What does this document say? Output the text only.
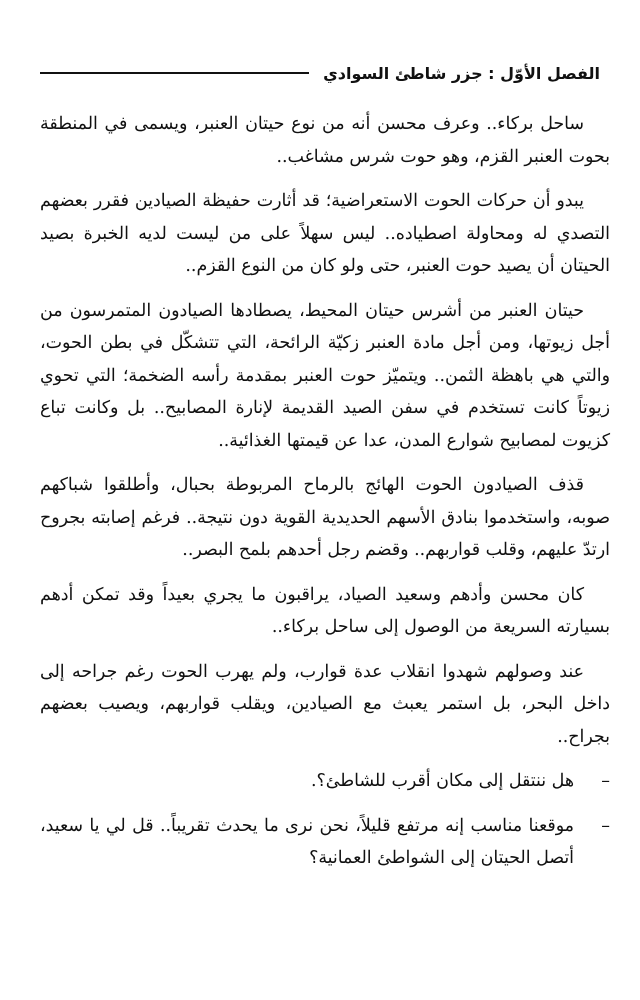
الفصل الأوّل : جزر شاطئ السوادي

ساحل بركاء.. وعرف محسن أنه من نوع حيتان العنبر، ويسمى في المنطقة بحوت العنبر القزم، وهو حوت شرس مشاغب..

يبدو أن حركات الحوت الاستعراضية؛ قد أثارت حفيظة الصيادين فقرر بعضهم التصدي له ومحاولة اصطياده.. ليس سهلاً على من ليست لديه الخبرة بصيد الحيتان أن يصيد حوت العنبر، حتى ولو كان من النوع القزم..

حيتان العنبر من أشرس حيتان المحيط، يصطادها الصيادون المتمرسون من أجل زيوتها، ومن أجل مادة العنبر زكيّة الرائحة، التي تتشكّل في بطن الحوت، والتي هي باهظة الثمن.. ويتميّز حوت العنبر بمقدمة رأسه الضخمة؛ التي تحوي زيوتاً كانت تستخدم في سفن الصيد القديمة لإنارة المصابيح.. بل وكانت تباع كزيوت لمصابيح شوارع المدن، عدا عن قيمتها الغذائية..

قذف الصيادون الحوت الهائج بالرماح المربوطة بحبال، وأطلقوا شباكهم صوبه، واستخدموا بنادق الأسهم الحديدية القوية دون نتيجة.. فرغم إصابته بجروح ارتدّ عليهم، وقلب قواربهم.. وقضم رجل أحدهم بلمح البصر..

كان محسن وأدهم وسعيد الصياد، يراقبون ما يجري بعيداً وقد تمكن أدهم بسيارته السريعة من الوصول إلى ساحل بركاء..

عند وصولهم شهدوا انقلاب عدة قوارب، ولم يهرب الحوت رغم جراحه إلى داخل البحر، بل استمر يعبث مع الصيادين، ويقلب قواربهم، ويصيب بعضهم بجراح..

–
هل ننتقل إلى مكان أقرب للشاطئ؟.
–
موقعنا مناسب إنه مرتفع قليلاً، نحن نرى ما يحدث تقريباً.. قل لي يا سعيد، أتصل الحيتان إلى الشواطئ العمانية؟
